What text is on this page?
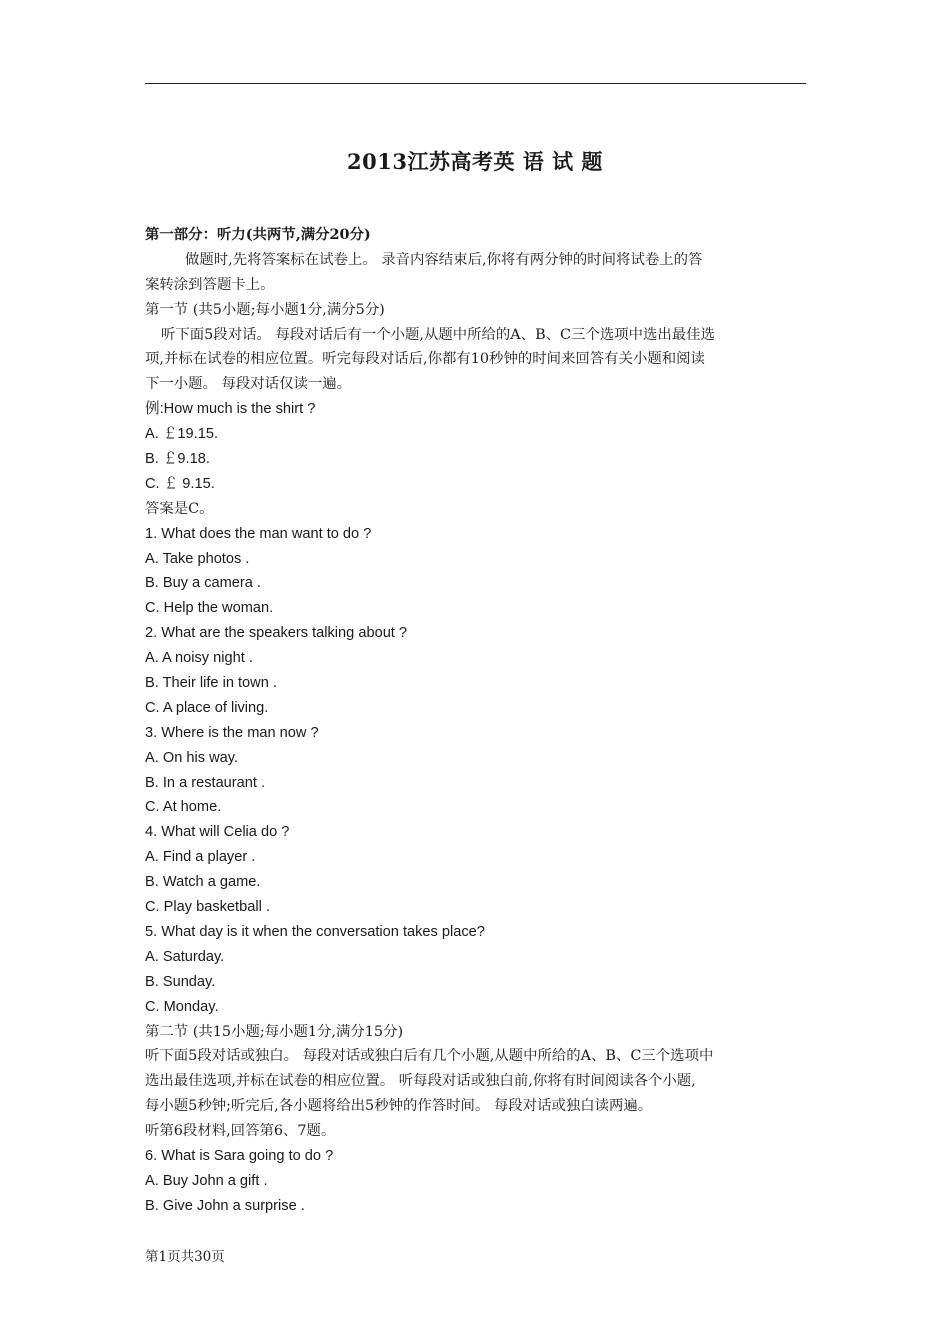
2013江苏高考英 语 试 题
第一部分：听力(共两节,满分20分)
做题时,先将答案标在试卷上。 录音内容结束后,你将有两分钟的时间将试卷上的答
案转涂到答题卡上。
第一节 (共5小题;每小题1分,满分5分)
听下面5段对话。 每段对话后有一个小题,从题中所给的A、B、C三个选项中选出最佳选
项,并标在试卷的相应位置。听完每段对话后,你都有10秒钟的时间来回答有关小题和阅读
下一小题。 每段对话仅读一遍。
例:How much is the shirt ?
A. ￡19.15.
B. ￡9.18.
C. ￡ 9.15.
答案是C。
1. What does the man want to do ?
A. Take photos .
B. Buy a camera .
C. Help the woman.
2. What are the speakers talking about ?
A. A noisy night .
B. Their life in town .
C. A place of living.
3. Where is the man now ?
A. On his way.
B. In a restaurant .
C. At home.
4. What will Celia do ?
A. Find a player .
B. Watch a game.
C. Play basketball .
5. What day is it when the conversation takes place?
A. Saturday.
B. Sunday.
C. Monday.
第二节 (共15小题;每小题1分,满分15分)
听下面5段对话或独白。 每段对话或独白后有几个小题,从题中所给的A、B、C三个选项中
选出最佳选项,并标在试卷的相应位置。 听每段对话或独白前,你将有时间阅读各个小题,
每小题5秒钟;听完后,各小题将给出5秒钟的作答时间。 每段对话或独白读两遍。
听第6段材料,回答第6、7题。
6. What is Sara going to do ?
A. Buy John a gift .
B. Give John a surprise .
第1页共30页
